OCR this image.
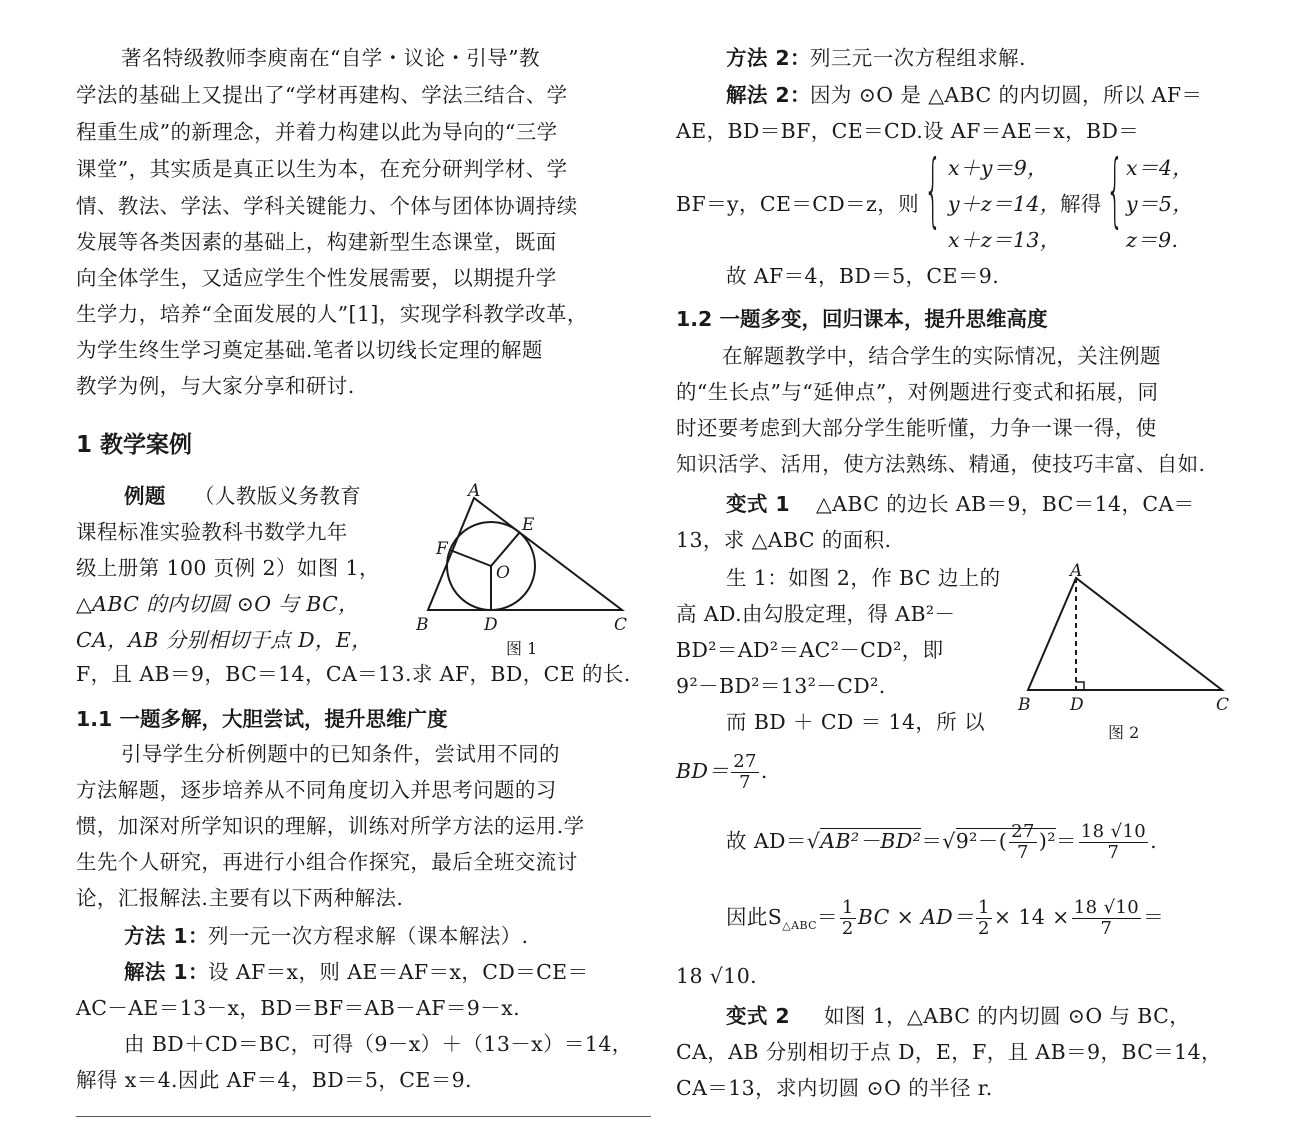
著名特级教师李庾南在“自学・议论・引导”教
学法的基础上又提出了“学材再建构、学法三结合、学
程重生成”的新理念，并着力构建以此为导向的“三学
课堂”，其实质是真正以生为本，在充分研判学材、学
情、教法、学法、学科关键能力、个体与团体协调持续
发展等各类因素的基础上，构建新型生态课堂，既面
向全体学生，又适应学生个性发展需要，以期提升学
生学力，培养“全面发展的人”[1]，实现学科教学改革，
为学生终生学习奠定基础.笔者以切线长定理的解题
教学为例，与大家分享和研讨.
1 教学案例
例题 （人教版义务教育
课程标准实验教科书数学九年
级上册第 100 页例 2）如图 1，
△ABC 的内切圆 ⊙O 与 BC，
CA，AB 分别相切于点 D，E，
F，且 AB＝9，BC＝14，CA＝13.求 AF，BD，CE 的长.
1.1 一题多解，大胆尝试，提升思维广度
引导学生分析例题中的已知条件，尝试用不同的
方法解题，逐步培养从不同角度切入并思考问题的习
惯，加深对所学知识的理解，训练对所学方法的运用.学
生先个人研究，再进行小组合作探究，最后全班交流讨
论，汇报解法.主要有以下两种解法.
方法 1： 列一元一次方程求解（课本解法）.
解法 1： 设 AF＝x，则 AE＝AF＝x，CD＝CE＝
AC－AE＝13－x，BD＝BF＝AB－AF＝9－x.
由 BD＋CD＝BC，可得（9－x）＋（13－x）＝14，
解得 x＝4.因此 AF＝4，BD＝5，CE＝9.
A
B	C
D
E
F
O
图 1
方法 2： 列三元一次方程组求解.
解法 2： 因为 ⊙O 是 △ABC 的内切圆，所以 AF＝
AE，BD＝BF，CE＝CD.设 AF＝AE＝x，BD＝
BF＝y，CE＝CD＝z，则 { x＋y＝9，
y＋z＝14，
x＋z＝13，
解得 { x＝4，
y＝5，
z＝9.
故 AF＝4，BD＝5，CE＝9.
1.2 一题多变，回归课本，提升思维高度
在解题教学中，结合学生的实际情况，关注例题
的“生长点”与“延伸点”，对例题进行变式和拓展，同
时还要考虑到大部分学生能听懂，力争一课一得，使
知识活学、活用，使方法熟练、精通，使技巧丰富、自如.
变式 1 △ABC 的边长 AB＝9，BC＝14，CA＝
13，求 △ABC 的面积.
生 1：如图 2，作 BC 边上的
高 AD.由勾股定理，得 AB²－
BD²＝AD²＝AC²－CD²，即
9²－BD²＝13²－CD².
而 BD ＋ CD ＝ 14，所 以
$BD= \frac{27}{7}$ .
故 $AD=√AB^2-BD^2=√9^2-( \frac{27}{7} )^2= \frac{18 √10}{7}$ .
因此$S_{\triangle ABC}= \frac{1}{2}$ BC × $AD= \frac{1}{2} \times 14 \times \frac{18 √10}{7}$ ＝
18 √10.
变式 2 如图 1，△ABC 的内切圆 ⊙O 与 BC，
CA，AB 分别相切于点 D，E，F，且 AB＝9，BC＝14，
CA＝13，求内切圆 ⊙O 的半径 r.
A
B	C
D
图 2
